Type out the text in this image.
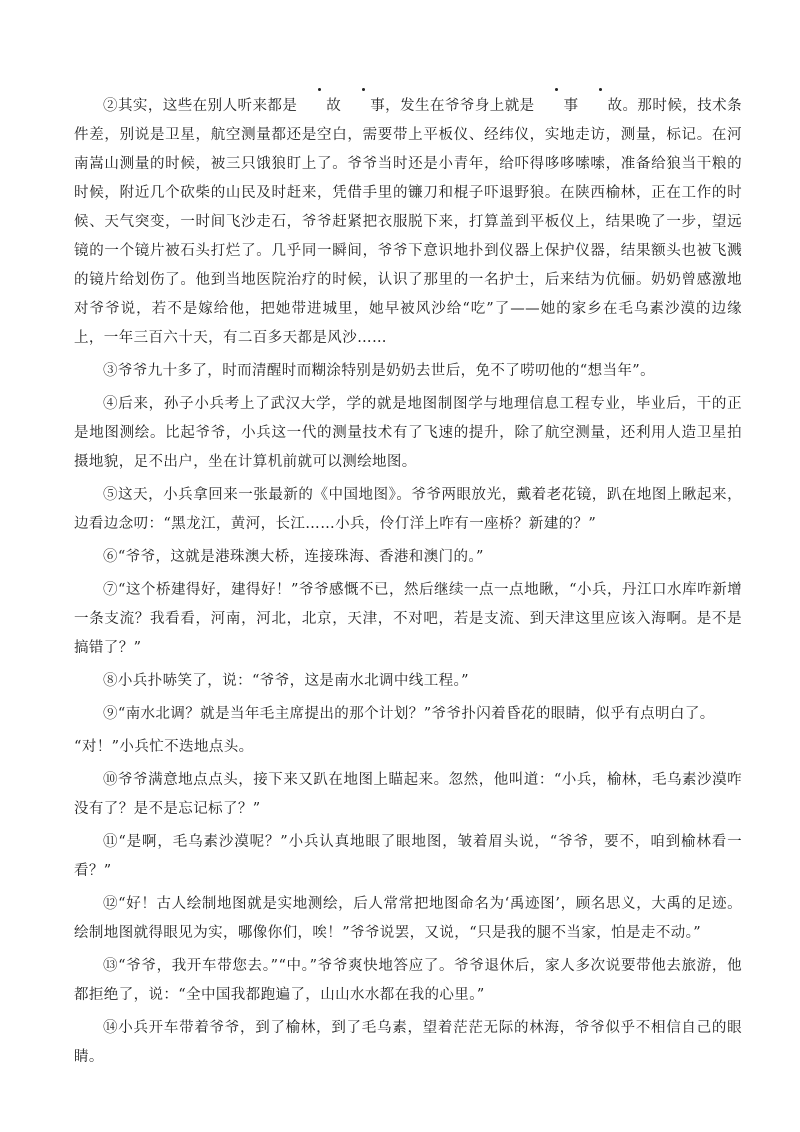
②其实，这些在别人听来都是 故 事，发生在爷爷身上就是 事 故。那时候，技术条件差，别说是卫星，航空测量都还是空白，需要带上平板仪、经纬仪，实地走访，测量，标记。在河南嵩山测量的时候，被三只饿狼盯上了。爷爷当时还是小青年，给吓得哆哆嗦嗦，准备给狼当干粮的时候，附近几个砍柴的山民及时赶来，凭借手里的镰刀和棍子吓退野狼。在陕西榆林，正在工作的时候、天气突变，一时间飞沙走石，爷爷赶紧把衣服脱下来，打算盖到平板仪上，结果晚了一步，望远镜的一个镜片被石头打烂了。几乎同一瞬间，爷爷下意识地扑到仪器上保护仪器，结果额头也被飞溅的镜片给划伤了。他到当地医院治疗的时候，认识了那里的一名护士，后来结为伉俪。奶奶曾感激地对爷爷说，若不是嫁给他，把她带进城里，她早被风沙给“吃”了——她的家乡在毛乌素沙漠的边缘上，一年三百六十天，有二百多天都是风沙……

③爷爷九十多了，时而清醒时而糊涂特别是奶奶去世后，免不了唠叨他的“想当年”。

④后来，孙子小兵考上了武汉大学，学的就是地图制图学与地理信息工程专业，毕业后，干的正是地图测绘。比起爷爷，小兵这一代的测量技术有了飞速的提升，除了航空测量，还利用人造卫星拍摄地貌，足不出户，坐在计算机前就可以测绘地图。

⑤这天，小兵拿回来一张最新的《中国地图》。爷爷两眼放光，戴着老花镜，趴在地图上瞅起来，边看边念叨：“黑龙江，黄河，长江……小兵，伶仃洋上咋有一座桥？新建的？”

⑥“爷爷，这就是港珠澳大桥，连接珠海、香港和澳门的。”

⑦“这个桥建得好，建得好！”爷爷感慨不已，然后继续一点一点地瞅，“小兵，丹江口水库咋新增一条支流？我看看，河南，河北，北京，天津，不对吧，若是支流、到天津这里应该入海啊。是不是搞错了？”

⑧小兵扑哧笑了，说：“爷爷，这是南水北调中线工程。”

⑨“南水北调？就是当年毛主席提出的那个计划？”爷爷扑闪着昏花的眼睛，似乎有点明白了。

“对！”小兵忙不迭地点头。

⑩爷爷满意地点点头，接下来又趴在地图上瞄起来。忽然，他叫道：“小兵，榆林，毛乌素沙漠咋没有了？是不是忘记标了？”

⑪“是啊，毛乌素沙漠呢？”小兵认真地眼了眼地图，皱着眉头说，“爷爷，要不，咱到榆林看一看？”

⑫“好！古人绘制地图就是实地测绘，后人常常把地图命名为‘禹迹图’，顾名思义，大禹的足迹。绘制地图就得眼见为实，哪像你们，唉！”爷爷说罢，又说，“只是我的腿不当家，怕是走不动。”

⑬“爷爷，我开车带您去。”“中。”爷爷爽快地答应了。爷爷退休后，家人多次说要带他去旅游，他都拒绝了，说：“全中国我都跑遍了，山山水水都在我的心里。”

⑭小兵开车带着爷爷，到了榆林，到了毛乌素，望着茫茫无际的林海，爷爷似乎不相信自己的眼睛。
